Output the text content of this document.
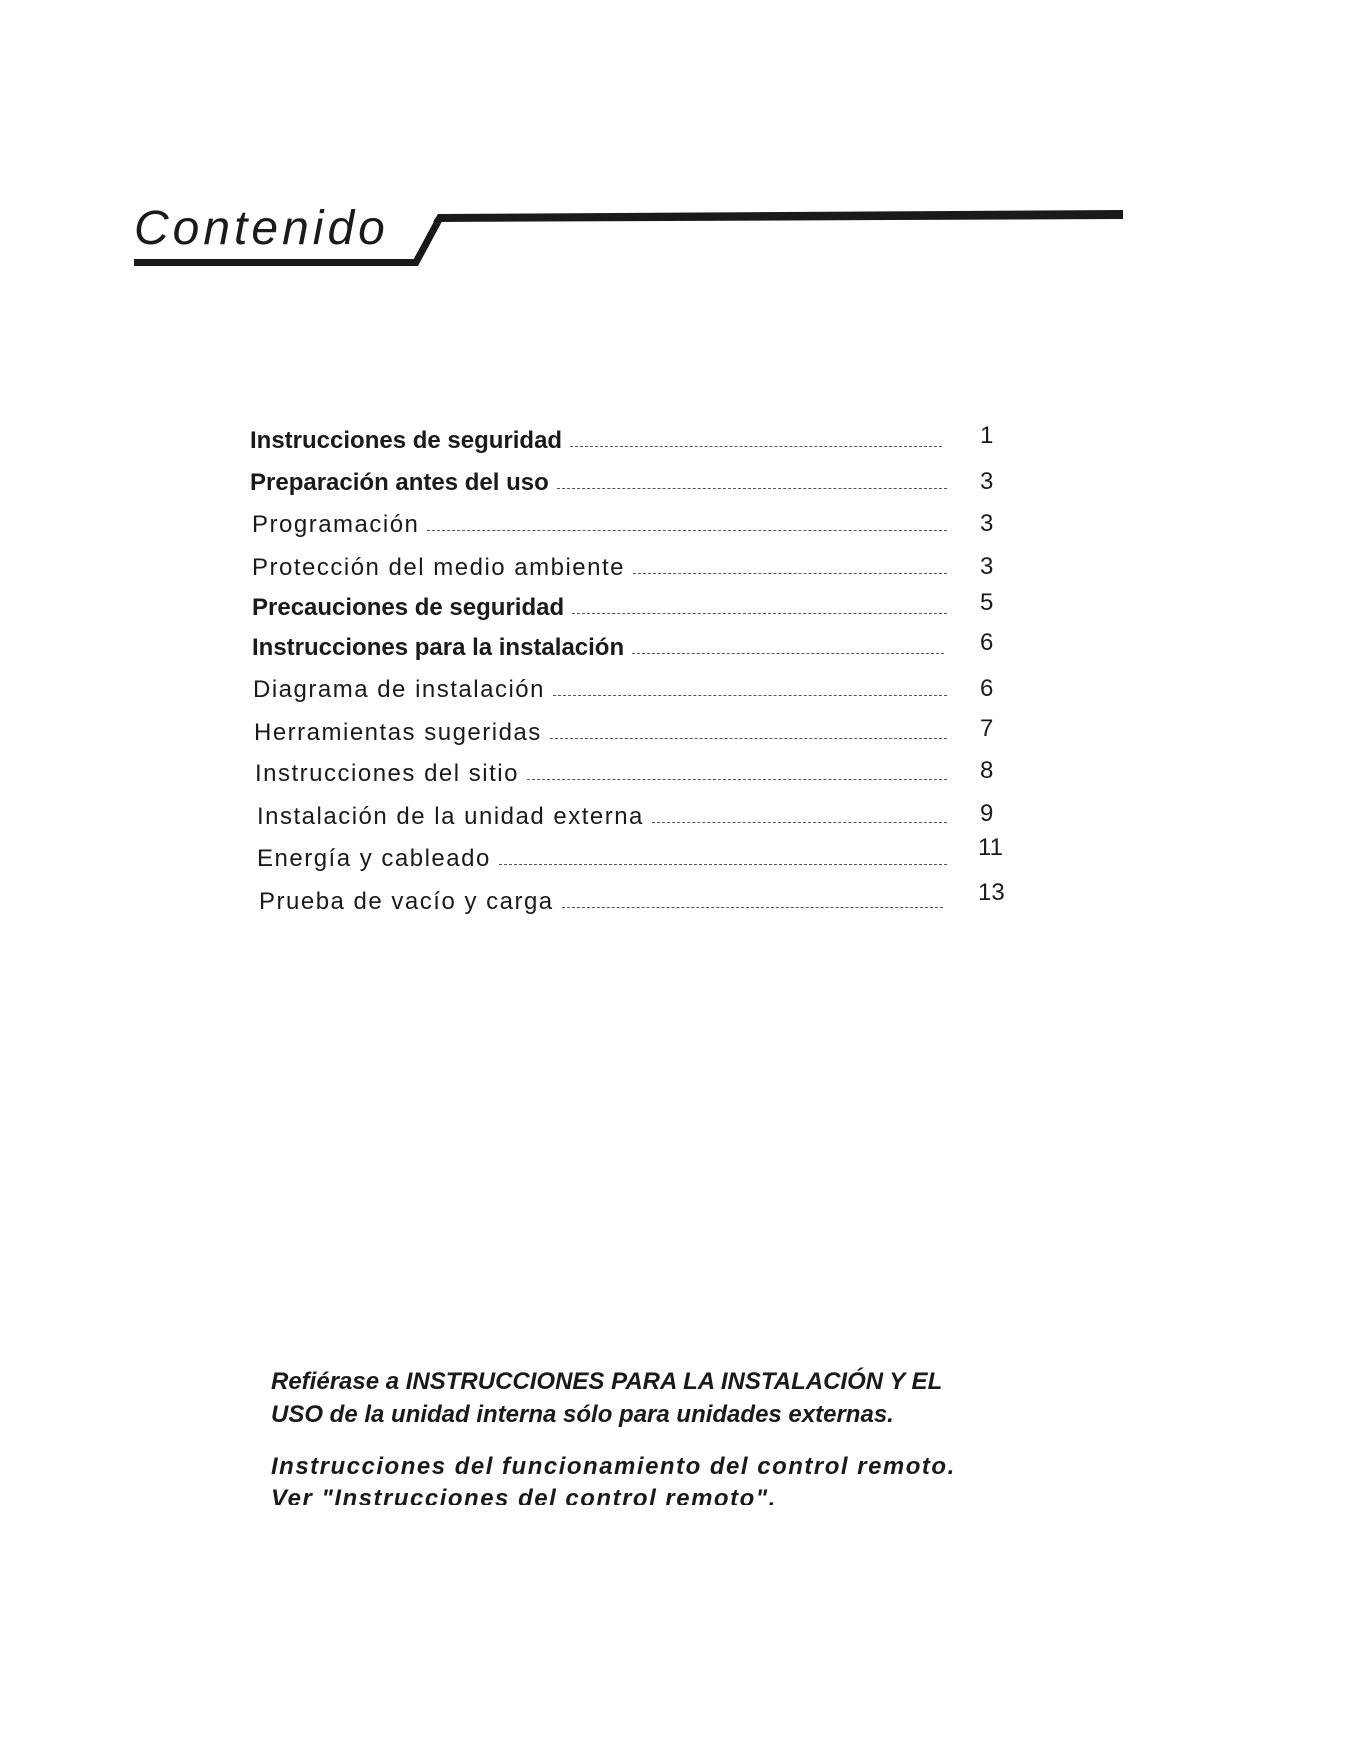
Contenido
Instrucciones de seguridad	1
Preparación antes del uso	3
Programación	3
Protección del medio ambiente	3
Precauciones de seguridad	5
Instrucciones para la instalación	6
Diagrama de instalación	6
Herramientas sugeridas	7
Instrucciones del sitio	8
Instalación de la unidad externa	9
Energía y cableado	11
Prueba de vacío y carga	13
Refiérase a INSTRUCCIONES PARA LA INSTALACIÓN Y EL
USO de la unidad interna sólo para unidades externas.
Instrucciones del funcionamiento del control remoto.
Ver "Instrucciones del control remoto".
